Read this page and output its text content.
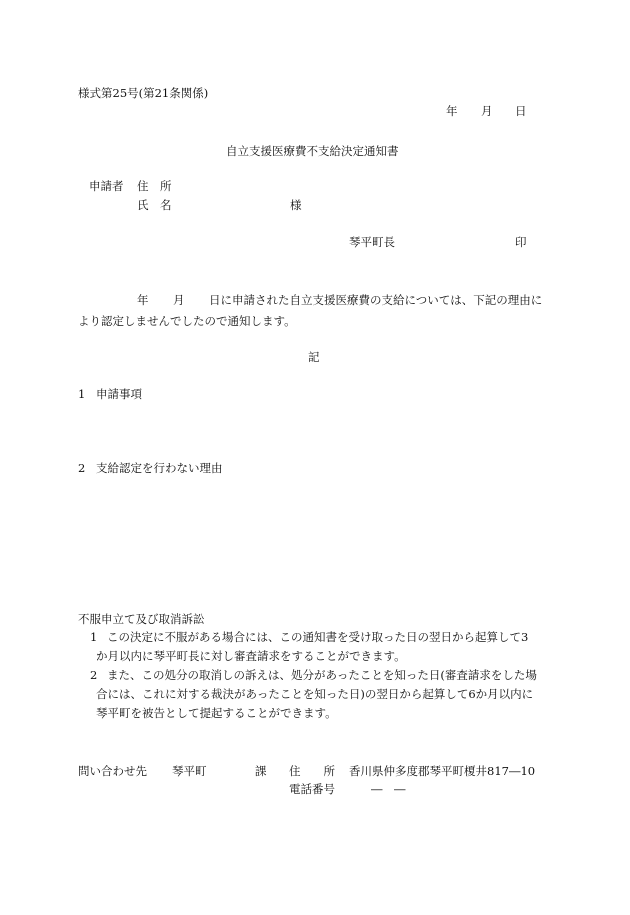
様式第25号(第21条関係)
年 月 日
自立支援医療費不支給決定通知書
申請者 住　所
氏　名	様
琴平町長	印
年 月 日に申請された自立支援医療費の支給については、下記の理由に
より認定しませんでしたので通知します。
記
1 申請事項
2 支給認定を行わない理由
不服申立て及び取消訴訟
1 この決定に不服がある場合には、この通知書を受け取った日の翌日から起算して3
か月以内に琴平町長に対し審査請求をすることができます。
2 また、この処分の取消しの訴えは、処分があったことを知った日(審査請求をした場
合には、これに対する裁決があったことを知った日)の翌日から起算して6か月以内に
琴平町を被告として提起することができます。
問い合わせ先 琴平町	課 住　　所 香川県仲多度郡琴平町榎井817―10
電話番号	―　―
